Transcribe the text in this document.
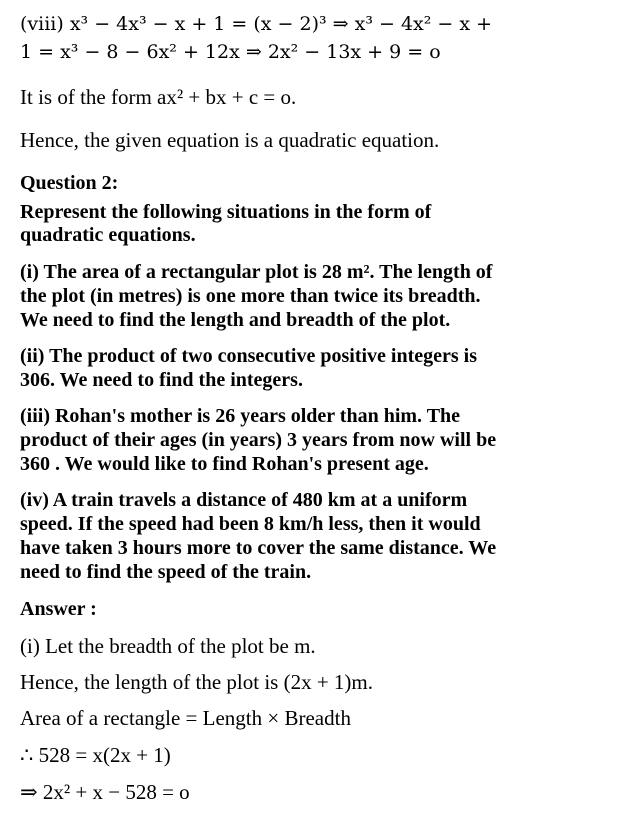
(viii) x³ − 4x³ − x + 1 = (x − 2)³ ⇒ x³ − 4x² − x +
1 = x³ − 8 − 6x² + 12x ⇒ 2x² − 13x + 9 = o
It is of the form ax² + bx + c = o.
Hence, the given equation is a quadratic equation.
Question 2:
Represent the following situations in the form of
quadratic equations.
(i) The area of a rectangular plot is 28 m². The length of
the plot (in metres) is one more than twice its breadth.
We need to find the length and breadth of the plot.
(ii) The product of two consecutive positive integers is
306. We need to find the integers.
(iii) Rohan's mother is 26 years older than him. The
product of their ages (in years) 3 years from now will be
360 . We would like to find Rohan's present age.
(iv) A train travels a distance of 480 km at a uniform
speed. If the speed had been 8 km/h less, then it would
have taken 3 hours more to cover the same distance. We
need to find the speed of the train.
Answer :
(i) Let the breadth of the plot be m.
Hence, the length of the plot is (2x + 1)m.
Area of a rectangle = Length × Breadth
∴ 528 = x(2x + 1)
⇒ 2x² + x − 528 = o
